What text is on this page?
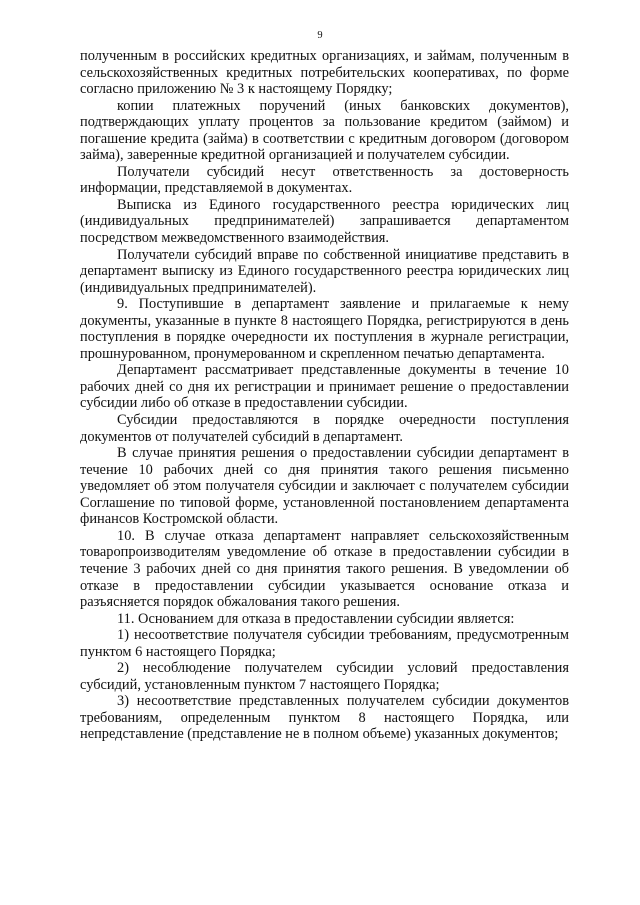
9

полученным в российских кредитных организациях, и займам, полученным в сельскохозяйственных кредитных потребительских кооперативах, по форме согласно приложению № 3 к настоящему Порядку;

копии платежных поручений (иных банковских документов), подтверждающих уплату процентов за пользование кредитом (займом) и погашение кредита (займа) в соответствии с кредитным договором (договором займа), заверенные кредитной организацией и получателем субсидии.

Получатели субсидий несут ответственность за достоверность информации, представляемой в документах.

Выписка из Единого государственного реестра юридических лиц (индивидуальных предпринимателей) запрашивается департаментом посредством межведомственного взаимодействия.

Получатели субсидий вправе по собственной инициативе представить в департамент выписку из Единого государственного реестра юридических лиц (индивидуальных предпринимателей).

9. Поступившие в департамент заявление и прилагаемые к нему документы, указанные в пункте 8 настоящего Порядка, регистрируются в день поступления в порядке очередности их поступления в журнале регистрации, прошнурованном, пронумерованном и скрепленном печатью департамента.

Департамент рассматривает представленные документы в течение 10 рабочих дней со дня их регистрации и принимает решение о предоставлении субсидии либо об отказе в предоставлении субсидии.

Субсидии предоставляются в порядке очередности поступления документов от получателей субсидий в департамент.

В случае принятия решения о предоставлении субсидии департамент в течение 10 рабочих дней со дня принятия такого решения письменно уведомляет об этом получателя субсидии и заключает с получателем субсидии Соглашение по типовой форме, установленной постановлением департамента финансов Костромской области.

10. В случае отказа департамент направляет сельскохозяйственным товаропроизводителям уведомление об отказе в предоставлении субсидии в течение 3 рабочих дней со дня принятия такого решения. В уведомлении об отказе в предоставлении субсидии указывается основание отказа и разъясняется порядок обжалования такого решения.

11. Основанием для отказа в предоставлении субсидии является:

1) несоответствие получателя субсидии требованиям, предусмотренным пунктом 6 настоящего Порядка;

2) несоблюдение получателем субсидии условий предоставления субсидий, установленным пунктом 7 настоящего Порядка;

3) несоответствие представленных получателем субсидии документов требованиям, определенным пунктом 8 настоящего Порядка, или непредставление (представление не в полном объеме) указанных документов;
